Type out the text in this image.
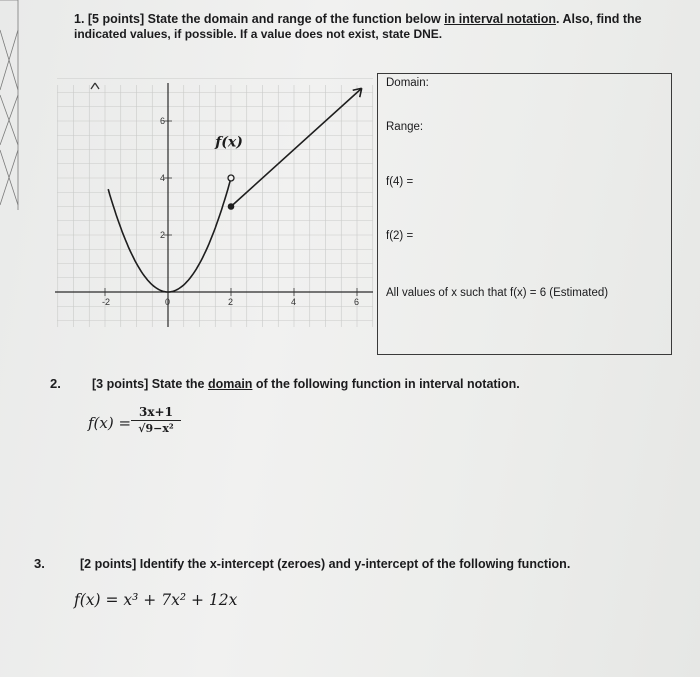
1. [5 points] State the domain and range of the function below in interval notation. Also, find the
indicated values, if possible. If a value does not exist, state DNE.
-2	0	2	4	6
2
4
6
f(x)
Domain:
Range:
f(4) =
f(2) =
All values of x such that f(x) = 6 (Estimated)
2. [3 points] State the domain of the following function in interval notation.
$f(x) = \frac{3x+1}{\text{√9−x²}}$
3.	[2 points] Identify the x-intercept (zeroes) and y-intercept of the following function.
f(x) = x³ + 7x² + 12x
